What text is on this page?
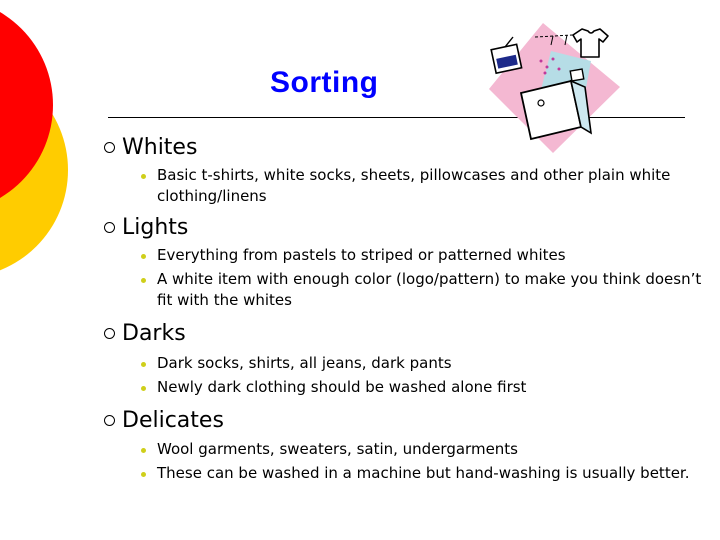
Sorting
Whites
Basic t-shirts, white socks, sheets, pillowcases and other plain white clothing/linens
Lights
Everything from pastels to striped or patterned whites
A white item with enough color (logo/pattern) to make you think doesn’t fit with the whites
Darks
Dark socks, shirts, all jeans, dark pants
Newly dark clothing should be washed alone first
Delicates
Wool garments, sweaters, satin, undergarments
These can be washed in a machine but hand-washing is usually better.
